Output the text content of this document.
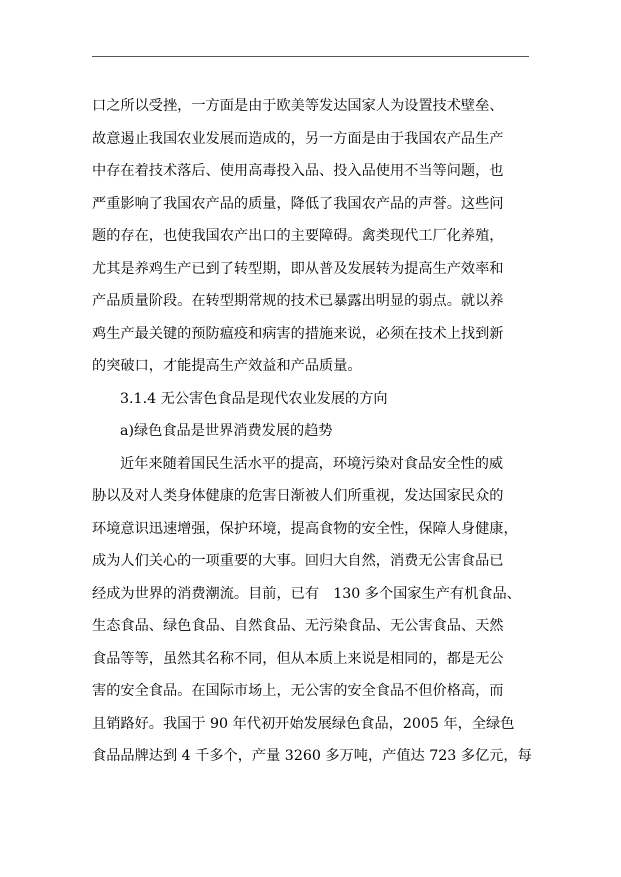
口之所以受挫，一方面是由于欧美等发达国家人为设置技术壁垒、
故意遏止我国农业发展而造成的，另一方面是由于我国农产品生产
中存在着技术落后、使用高毒投入品、投入品使用不当等问题，也
严重影响了我国农产品的质量，降低了我国农产品的声誉。这些问
题的存在，也使我国农产出口的主要障碍。禽类现代工厂化养殖，
尤其是养鸡生产已到了转型期，即从普及发展转为提高生产效率和
产品质量阶段。在转型期常规的技术已暴露出明显的弱点。就以养
鸡生产最关键的预防瘟疫和病害的措施来说，必须在技术上找到新
的突破口，才能提高生产效益和产品质量。
3.1.4 无公害色食品是现代农业发展的方向
a)绿色食品是世界消费发展的趋势
近年来随着国民生活水平的提高，环境污染对食品安全性的威
胁以及对人类身体健康的危害日渐被人们所重视，发达国家民众的
环境意识迅速增强，保护环境，提高食物的安全性，保障人身健康，
成为人们关心的一项重要的大事。回归大自然，消费无公害食品已
经成为世界的消费潮流。目前，已有　130 多个国家生产有机食品、
生态食品、绿色食品、自然食品、无污染食品、无公害食品、天然
食品等等，虽然其名称不同，但从本质上来说是相同的，都是无公
害的安全食品。在国际市场上，无公害的安全食品不但价格高，而
且销路好。我国于 90 年代初开始发展绿色食品，2005 年，全绿色
食品品牌达到 4 千多个，产量 3260 多万吨，产值达 723 多亿元，每
